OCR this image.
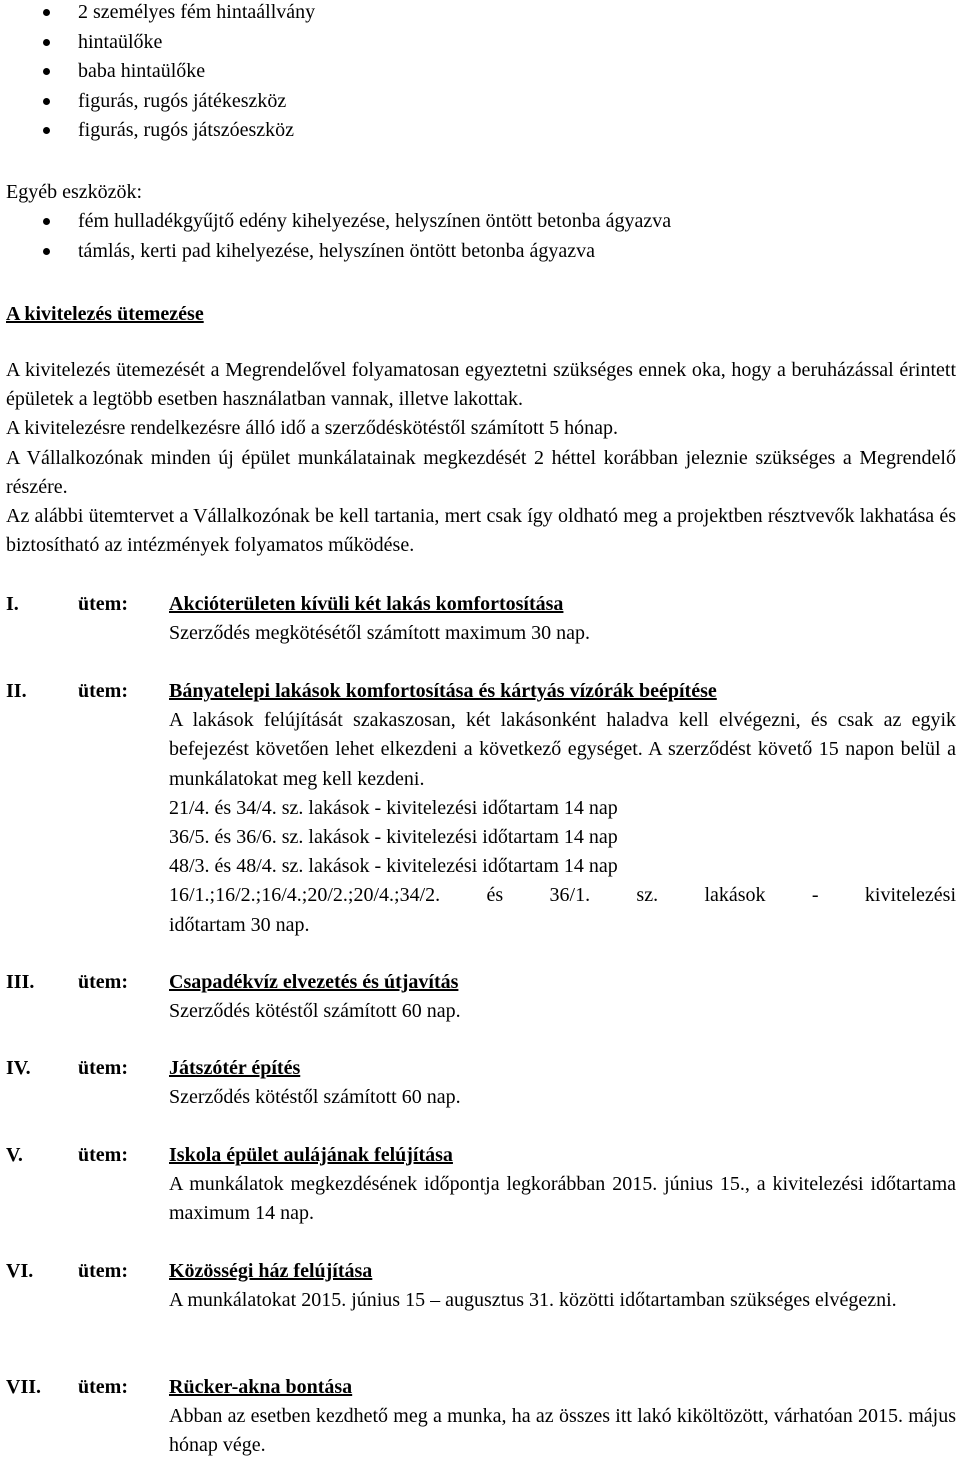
2 személyes fém hintaállvány
hintaülőke
baba hintaülőke
figurás, rugós játékeszköz
figurás, rugós játszóeszköz
Egyéb eszközök:
fém hulladékgyűjtő edény kihelyezése, helyszínen öntött betonba ágyazva
támlás, kerti pad kihelyezése, helyszínen öntött betonba ágyazva
A kivitelezés ütemezése

A kivitelezés ütemezését a Megrendelővel folyamatosan egyeztetni szükséges ennek oka, hogy a beruházással érintett épületek a legtöbb esetben használatban vannak, illetve lakottak.

A kivitelezésre rendelkezésre álló idő a szerződéskötéstől számított 5 hónap.

A Vállalkozónak minden új épület munkálatainak megkezdését 2 héttel korábban jeleznie szükséges a Megrendelő részére.

Az alábbi ütemtervet a Vállalkozónak be kell tartania, mert csak így oldható meg a projektben résztvevők lakhatása és biztosítható az intézmények folyamatos működése.

I.	ütem: Akcióterületen kívüli két lakás komfortosítása
Szerződés megkötésétől számított maximum 30 nap.
II.	ütem: Bányatelepi lakások komfortosítása és kártyás vízórák beépítése
A lakások felújítását szakaszosan, két lakásonként haladva kell elvégezni, és csak az egyik befejezést követően lehet elkezdeni a következő egységet. A szerződést követő 15 napon belül a munkálatokat meg kell kezdeni.
21/4. és 34/4. sz. lakások - kivitelezési időtartam 14 nap
36/5. és 36/6. sz. lakások - kivitelezési időtartam 14 nap
48/3. és 48/4. sz. lakások - kivitelezési időtartam 14 nap
16/1.;16/2.;16/4.;20/2.;20/4.;34/2. és 36/1. sz. lakások - kivitelezési
időtartam 30 nap.
III. ütem: Csapadékvíz elvezetés és útjavítás
Szerződés kötéstől számított 60 nap.
IV. ütem: Játszótér építés
Szerződés kötéstől számított 60 nap.
V.	ütem: Iskola épület aulájának felújítása
A munkálatok megkezdésének időpontja legkorábban 2015. június 15., a kivitelezési időtartama maximum 14 nap.
VI. ütem: Közösségi ház felújítása
A munkálatokat 2015. június 15 – augusztus 31. közötti időtartamban szükséges elvégezni.
VII. ütem: Rücker-akna bontása
Abban az esetben kezdhető meg a munka, ha az összes itt lakó kiköltözött, várhatóan 2015. május hónap vége.
